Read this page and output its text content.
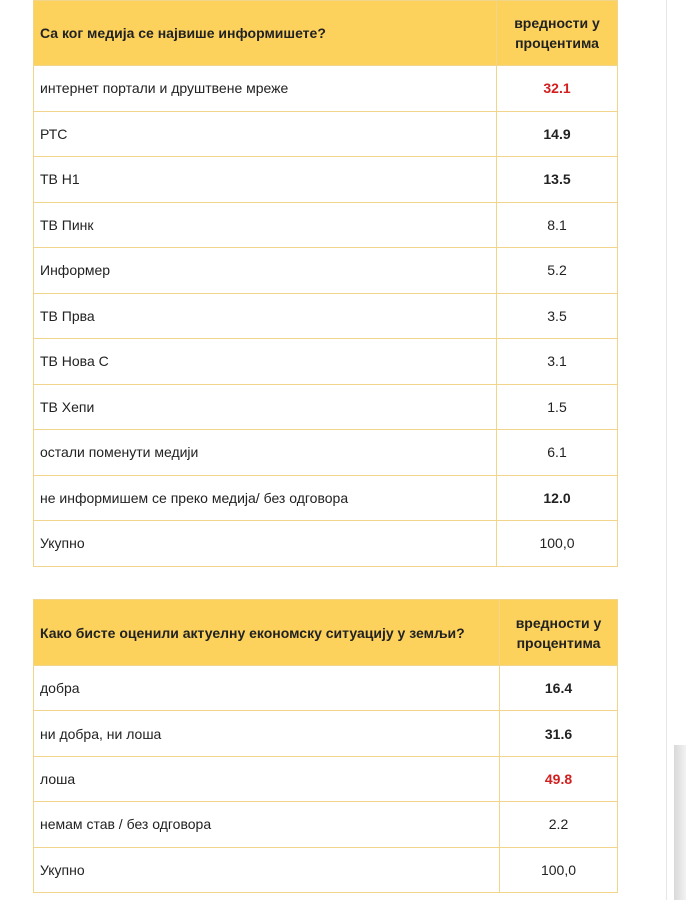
Са ког медија се највише информишете?	вредности у процентима
интернет портали и друштвене мреже	32.1
РТС	14.9
ТВ Н1	13.5
ТВ Пинк	8.1
Информер	5.2
ТВ Прва	3.5
ТВ Нова С	3.1
ТВ Хепи	1.5
остали поменути медији	6.1
не информишем се преко медија/ без одговора	12.0
Укупно	100,0
Како бисте оценили актуелну економску ситуацију у земљи?	вредности у процентима
добра	16.4
ни добра, ни лоша	31.6
лоша	49.8
немам став / без одговора	2.2
Укупно	100,0
